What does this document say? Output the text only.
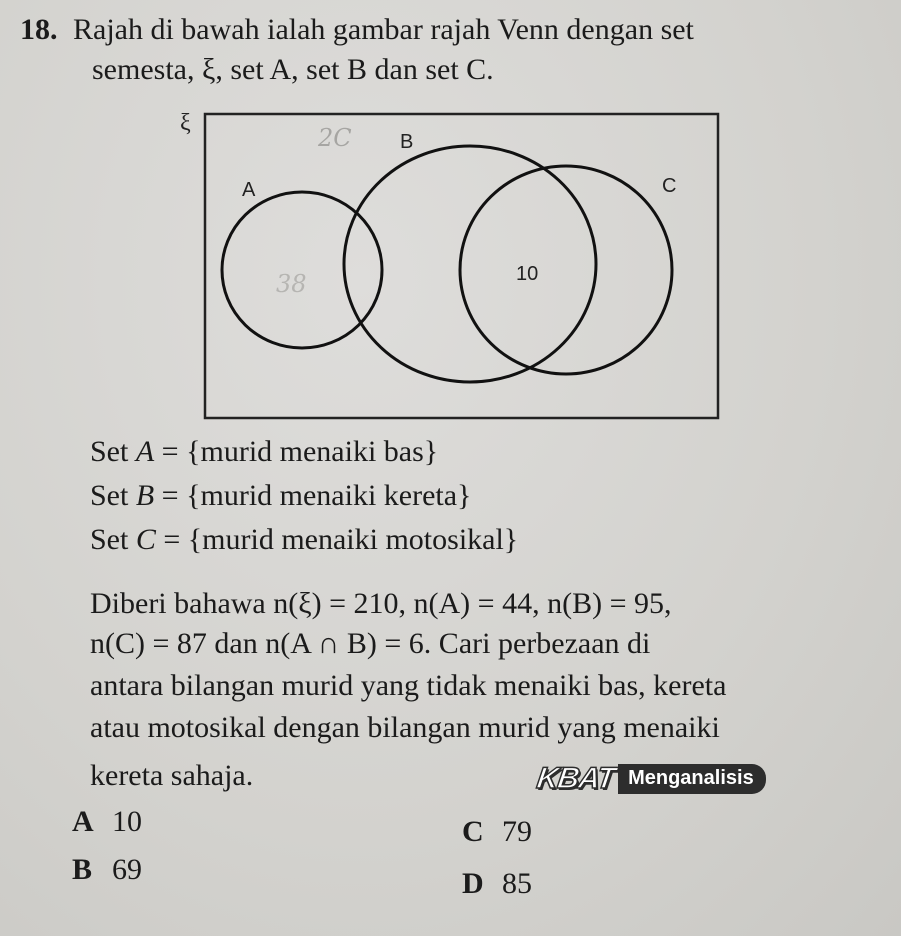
18. Rajah di bawah ialah gambar rajah Venn dengan set
semesta, ξ, set A, set B dan set C.
ξ
A
B
C
10
2C
38
Set A = {murid menaiki bas}
Set B = {murid menaiki kereta}
Set C = {murid menaiki motosikal}
Diberi bahawa n(ξ) = 210, n(A) = 44, n(B) = 95,
n(C) = 87 dan n(A ∩ B) = 6. Cari perbezaan di
antara bilangan murid yang tidak menaiki bas, kereta
atau motosikal dengan bilangan murid yang menaiki
kereta sahaja.	KBAT Menganalisis
A 10
B 69
C 79
D 85
